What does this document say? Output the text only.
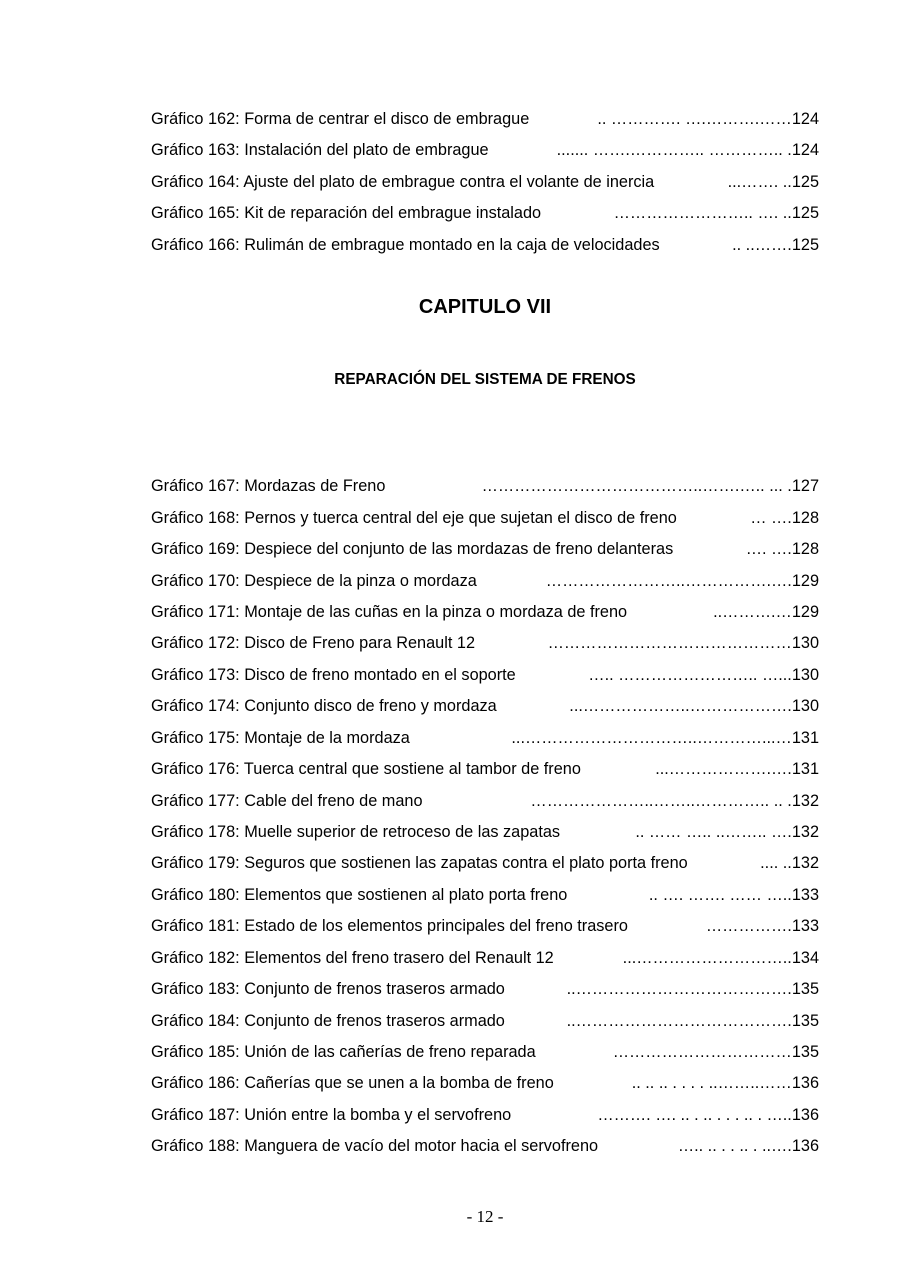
Gráfico 162: Forma de centrar el disco de embrague	.. …………. ….……….…… 124
Gráfico 163: Instalación del plato de embrague	....... …….………….. ………….. . 124
Gráfico 164: Ajuste del plato de embrague contra el volante de inercia	...……. .. 125
Gráfico 165: Kit de reparación del embrague instalado	…………………….. …. .. 125
Gráfico 166: Rulimán de embrague montado en la caja de velocidades	.. ..……. 125
CAPITULO VII
REPARACIÓN DEL SISTEMA DE FRENOS
Gráfico 167: Mordazas de Freno	…………………………………..…….….. ... . 127
Gráfico 168: Pernos y tuerca central del eje que sujetan el disco de freno	… …. 128
Gráfico 169: Despiece del conjunto de las mordazas de freno delanteras	…. …. 128
Gráfico 170: Despiece de la pinza o mordaza	……………………..…………….…. 129
Gráfico 171: Montaje de las cuñas en la pinza o mordaza de freno	..……….… 129
Gráfico 172: Disco de Freno para Renault 12	……………………………………… 130
Gráfico 173: Disco de freno montado en el soporte	….. …………………….. …... 130
Gráfico 174: Conjunto disco de freno y mordaza	...………………..………………. 130
Gráfico 175: Montaje de la mordaza	...…………………………..…………...… 131
Gráfico 176: Tuerca central que sostiene al tambor de freno	...……………….…. 131
Gráfico 177: Cable del freno de mano	…………………..……..………….. .. . 132
Gráfico 178: Muelle superior de retroceso de las zapatas	.. …… ….. ..…….. …. 132
Gráfico 179: Seguros que sostienen las zapatas contra el plato porta freno	.... .. 132
Gráfico 180: Elementos que sostienen al plato porta freno	.. …. ……. …… ….. 133
Gráfico 181: Estado de los elementos principales del freno trasero	……………. 133
Gráfico 182: Elementos del freno trasero del Renault 12	...……………………….. 134
Gráfico 183: Conjunto de frenos traseros armado	..…………………………………. 135
Gráfico 184: Conjunto de frenos traseros armado	..…………………………………. 135
Gráfico 185: Unión de las cañerías de freno reparada	…………………………… 135
Gráfico 186: Cañerías que se unen a la bomba de freno	.. .. .. . . . . ..……..…… 136
Gráfico 187: Unión entre la bomba y el servofreno	………. …. .. . .. . . . .. . ….. 136
Gráfico 188: Manguera de vacío del motor hacia el servofreno	….. .. . . .. . ..…. 136
- 12 -
